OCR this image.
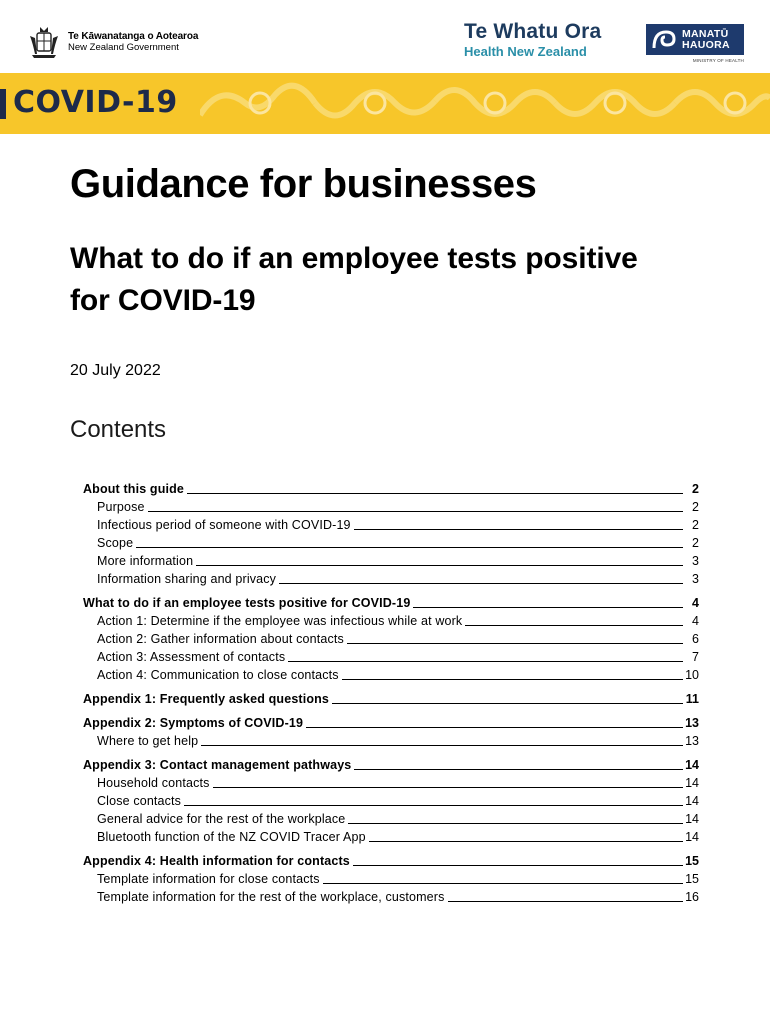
Te Kāwanatanga o Aotearoa
New Zealand Government
Te Whatu Ora
Health New Zealand
MANATŪ
HAUORA
MINISTRY OF HEALTH
COVID-19
Guidance for businesses
What to do if an employee tests positive for COVID-19
20 July 2022
Contents
About this guide	2
Purpose	2
Infectious period of someone with COVID-19	2
Scope	2
More information	3
Information sharing and privacy	3
What to do if an employee tests positive for COVID-19	4
Action 1: Determine if the employee was infectious while at work	4
Action 2: Gather information about contacts	6
Action 3: Assessment of contacts	7
Action 4: Communication to close contacts	10
Appendix 1: Frequently asked questions	11
Appendix 2: Symptoms of COVID-19	13
Where to get help	13
Appendix 3: Contact management pathways	14
Household contacts	14
Close contacts	14
General advice for the rest of the workplace	14
Bluetooth function of the NZ COVID Tracer App	14
Appendix 4: Health information for contacts	15
Template information for close contacts	15
Template information for the rest of the workplace, customers	16
